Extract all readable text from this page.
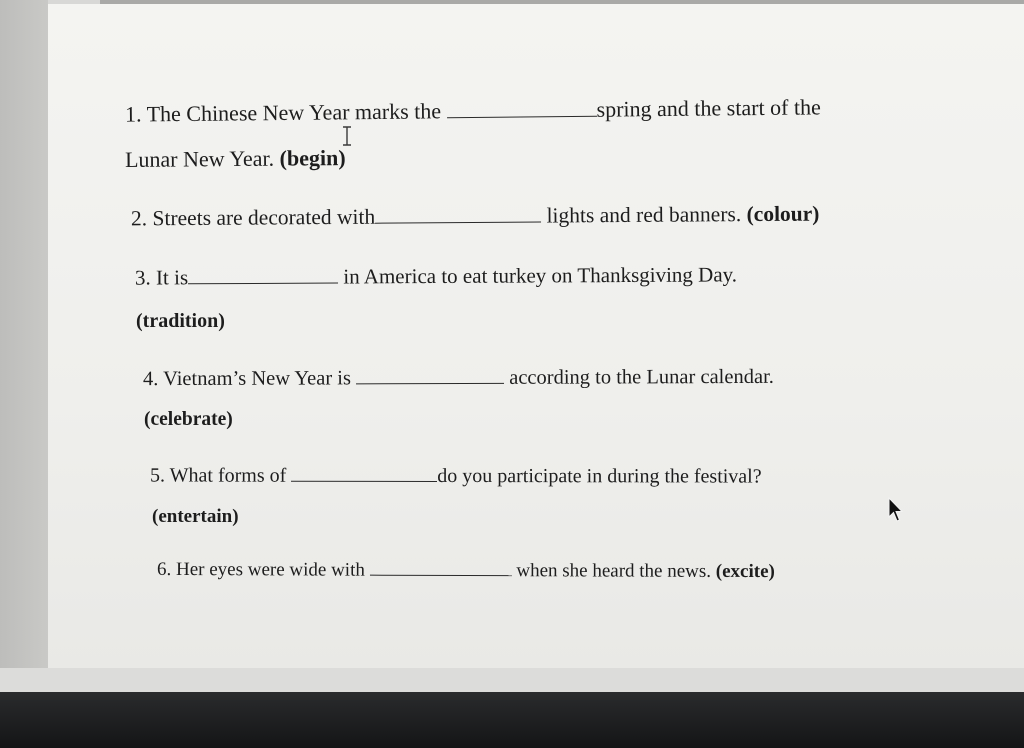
1. The Chinese New Year marks the	spring and the start of the
Lunar New Year. (begin)
2. Streets are decorated with	lights and red banners. (colour)
3. It is	in America to eat turkey on Thanksgiving Day.
(tradition)
4. Vietnam’s New Year is	according to the Lunar calendar.
(celebrate)
5. What forms of	do you participate in during the festival?
(entertain)
6. Her eyes were wide with	when she heard the news. (excite)
